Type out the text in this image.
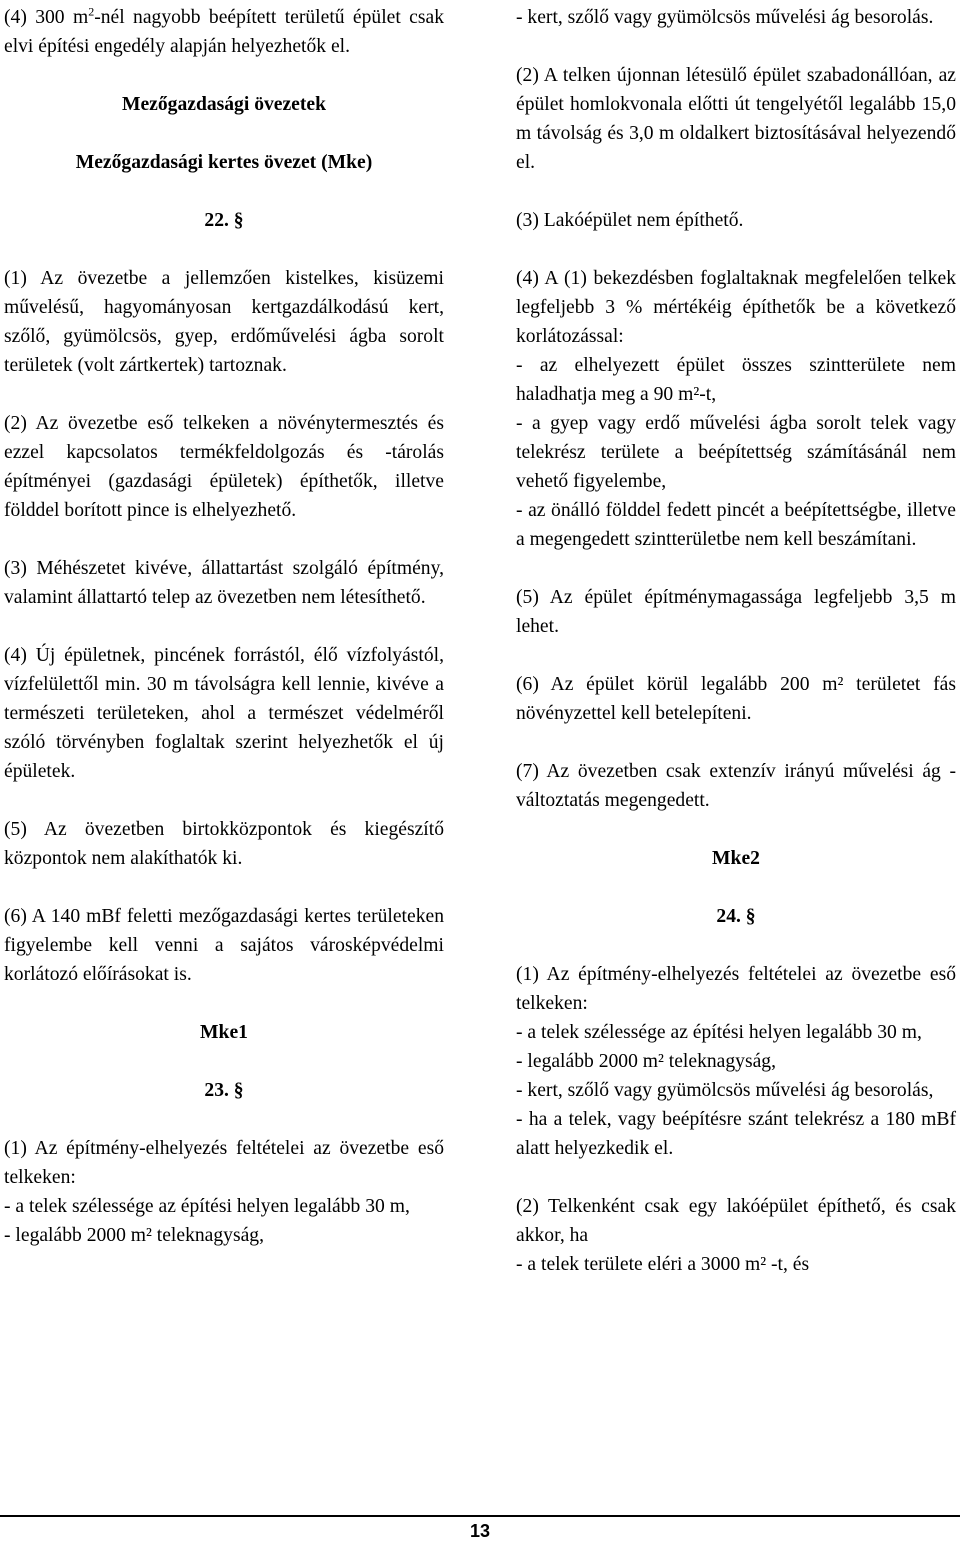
(4) 300 $m^2$-nél nagyobb beépített területű épület csak elvi építési engedély alapján helyezhetők el.

Mezőgazdasági övezetek

Mezőgazdasági kertes övezet (Mke)

22. §

(1) Az övezetbe a jellemzően kistelkes, kisüzemi művelésű, hagyományosan kertgazdálkodású kert, szőlő, gyümölcsös, gyep, erdőművelési ágba sorolt területek (volt zártkertek) tartoznak.

(2) Az övezetbe eső telkeken a növénytermesztés és ezzel kapcsolatos termékfeldolgozás és -tárolás építményei (gazdasági épületek) építhetők, illetve földdel borított pince is elhelyezhető.

(3) Méhészetet kivéve, állattartást szolgáló építmény, valamint állattartó telep az övezetben nem létesíthető.

(4) Új épületnek, pincének forrástól, élő vízfolyástól, vízfelülettől min. 30 m távolságra kell lennie, kivéve a természeti területeken, ahol a természet védelméről szóló törvényben foglaltak szerint helyezhetők el új épületek.

(5) Az övezetben birtokközpontok és kiegészítő központok nem alakíthatók ki.

(6) A 140 mBf feletti mezőgazdasági kertes területeken figyelembe kell venni a sajátos városképvédelmi korlátozó előírásokat is.

Mke1

23. §

(1) Az építmény-elhelyezés feltételei az övezetbe eső telkeken:

- a telek szélessége az építési helyen legalább 30 m,

- legalább 2000 m² teleknagyság,

- kert, szőlő vagy gyümölcsös művelési ág besorolás.

(2) A telken újonnan létesülő épület szabadonállóan, az épület homlokvonala előtti út tengelyétől legalább 15,0 m távolság és 3,0 m oldalkert biztosításával helyezendő el.

(3) Lakóépület nem építhető.

(4) A (1) bekezdésben foglaltaknak megfelelően telkek legfeljebb 3 % mértékéig építhetők be a következő korlátozással:

- az elhelyezett épület összes szintterülete nem haladhatja meg a 90 m²-t,

- a gyep vagy erdő művelési ágba sorolt telek vagy telekrész területe a beépítettség számításánál nem vehető figyelembe,

- az önálló földdel fedett pincét a beépítettségbe, illetve a megengedett szintterületbe nem kell beszámítani.

(5) Az épület építménymagassága legfeljebb 3,5 m lehet.

(6) Az épület körül legalább 200 m² területet fás növényzettel kell betelepíteni.

(7) Az övezetben csak extenzív irányú művelési ág - változtatás megengedett.

Mke2

24. §

(1) Az építmény-elhelyezés feltételei az övezetbe eső telkeken:

- a telek szélessége az építési helyen legalább 30 m,

- legalább 2000 m² teleknagyság,

- kert, szőlő vagy gyümölcsös művelési ág besorolás,

- ha a telek, vagy beépítésre szánt telekrész a 180 mBf alatt helyezkedik el.

(2) Telkenként csak egy lakóépület építhető, és csak akkor, ha

- a telek területe eléri a 3000 m² -t, és

13
